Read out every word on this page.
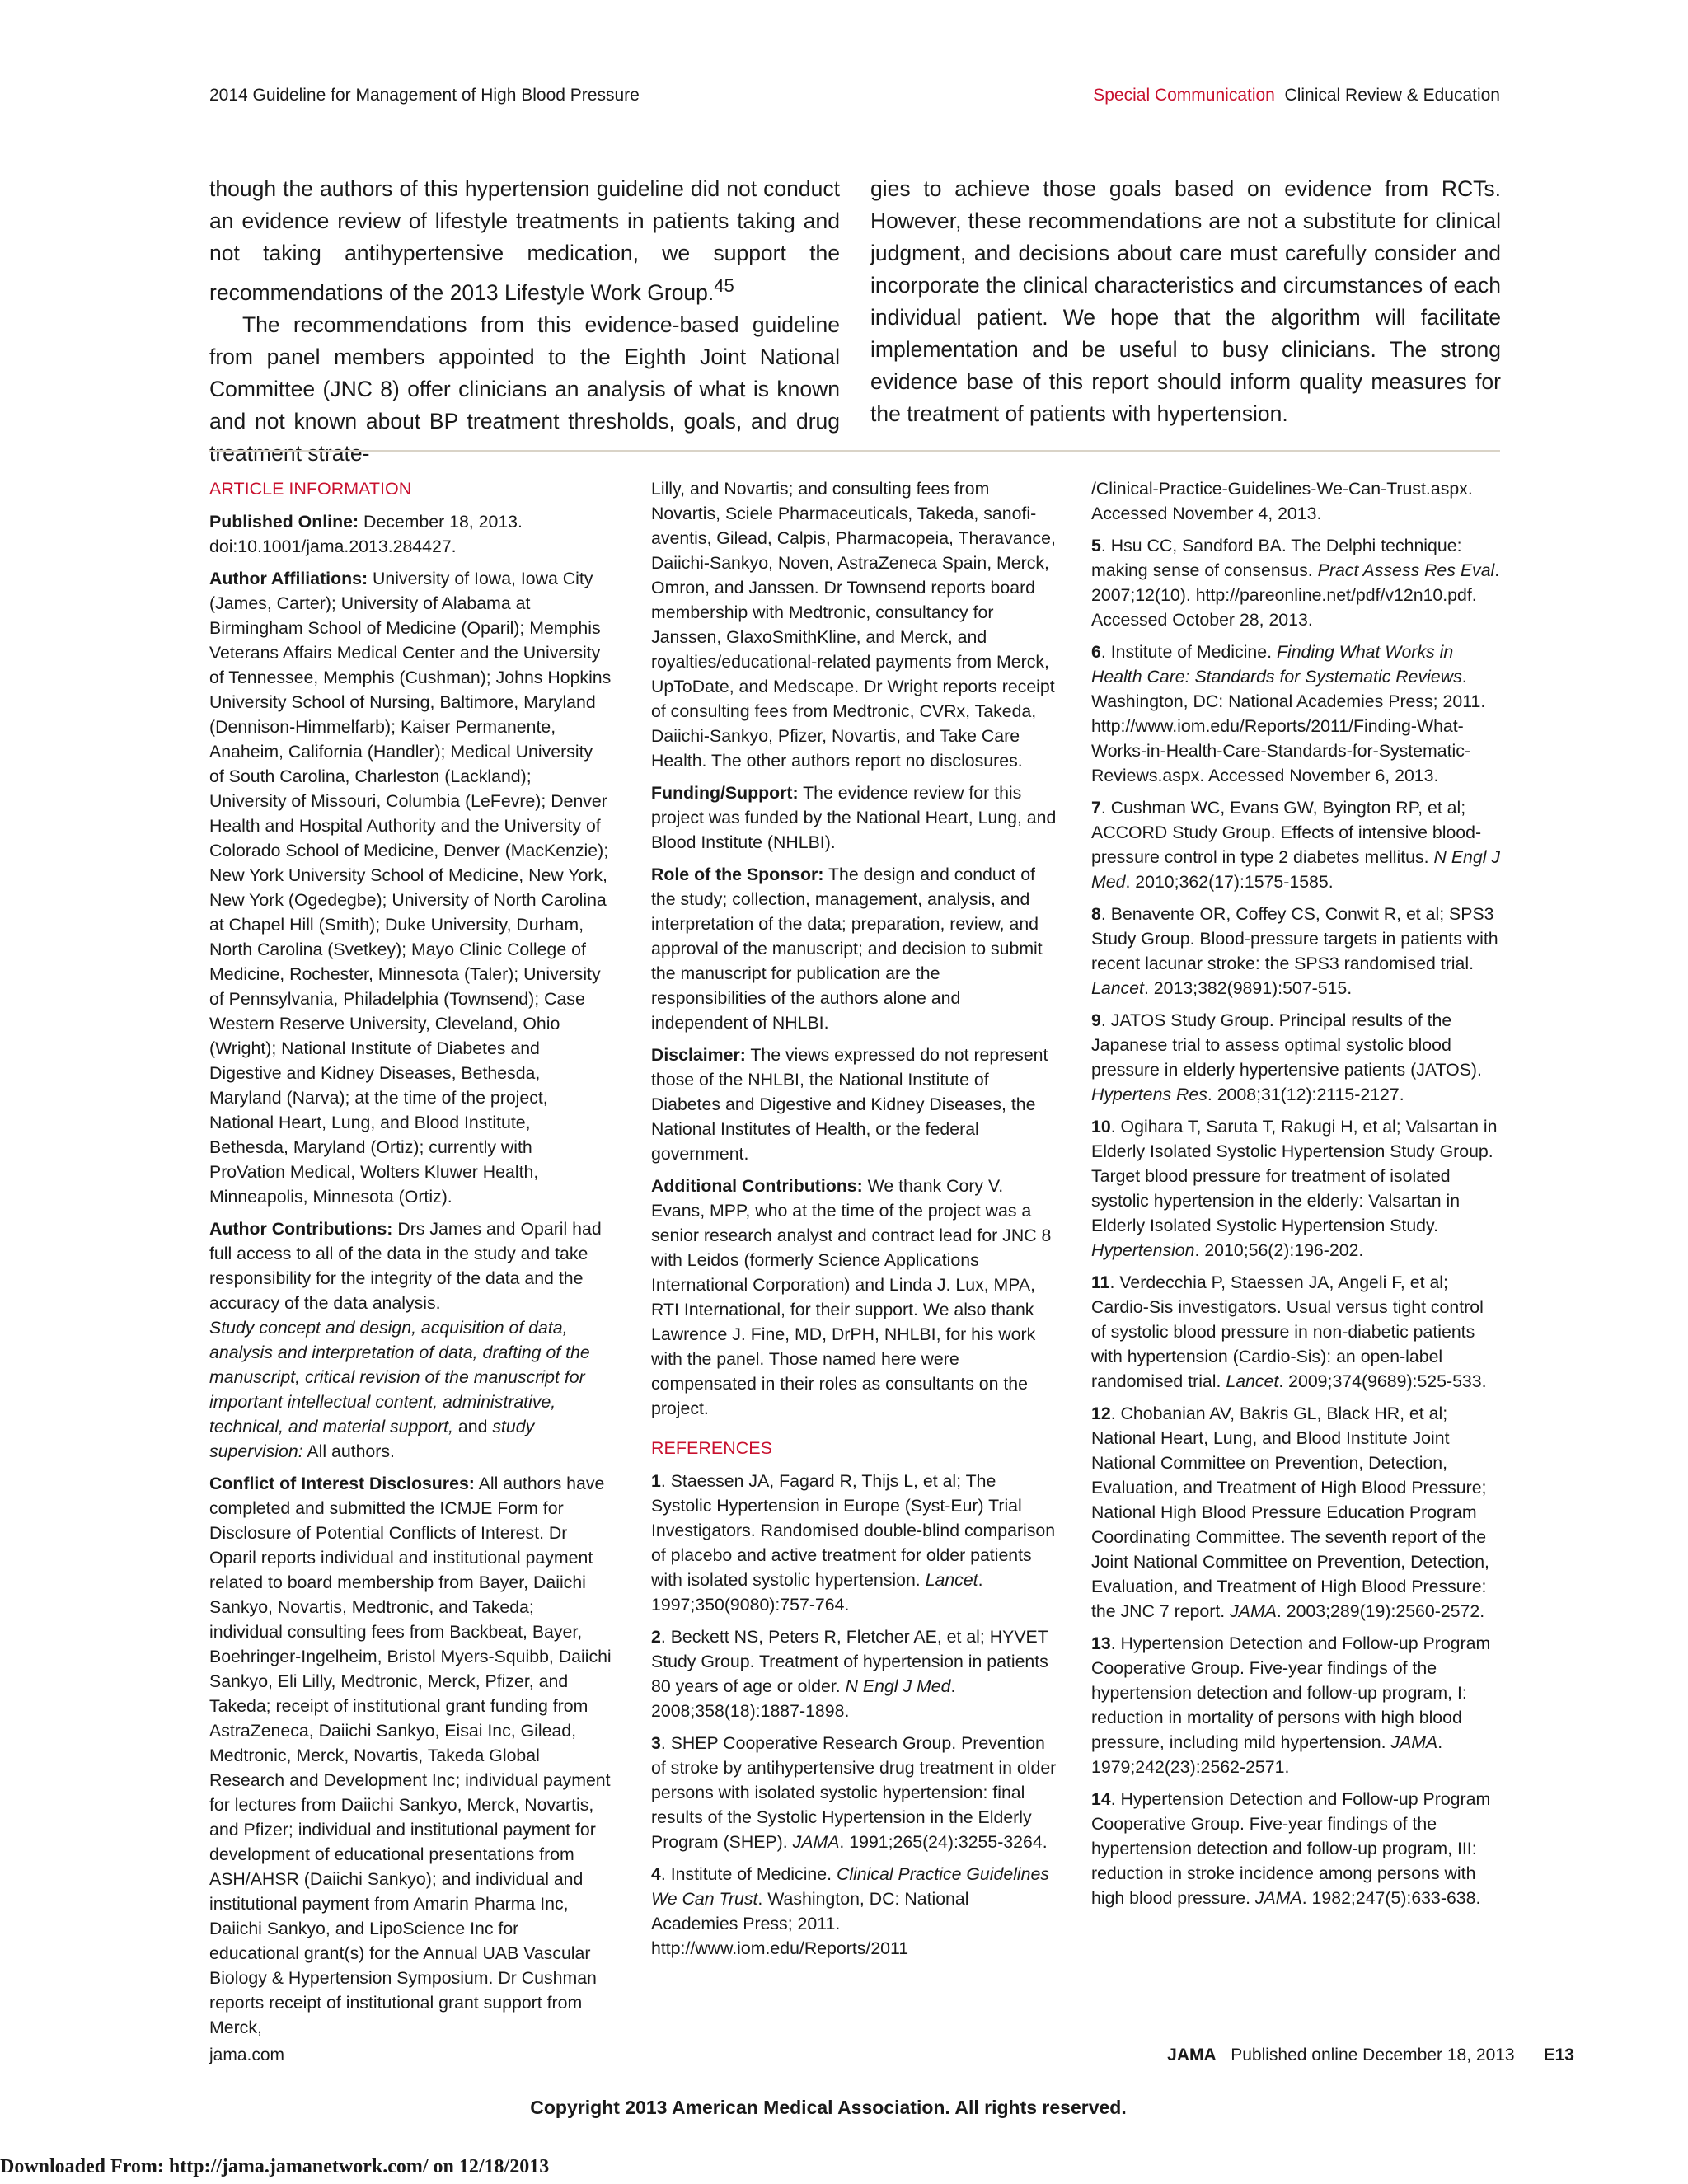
2014 Guideline for Management of High Blood Pressure	Special Communication Clinical Review & Education

though the authors of this hypertension guideline did not conduct an evidence review of lifestyle treatments in patients taking and not taking antihypertensive medication, we support the recommendations of the 2013 Lifestyle Work Group.$^{45}$

The recommendations from this evidence-based guideline from panel members appointed to the Eighth Joint National Committee (JNC 8) offer clinicians an analysis of what is known and not known about BP treatment thresholds, goals, and drug treatment strate-

gies to achieve those goals based on evidence from RCTs. However, these recommendations are not a substitute for clinical judgment, and decisions about care must carefully consider and incorporate the clinical characteristics and circumstances of each individual patient. We hope that the algorithm will facilitate implementation and be useful to busy clinicians. The strong evidence base of this report should inform quality measures for the treatment of patients with hypertension.

ARTICLE INFORMATION

Published Online: December 18, 2013.
doi:10.1001/jama.2013.284427.

Author Affiliations: University of Iowa, Iowa City (James, Carter); University of Alabama at Birmingham School of Medicine (Oparil); Memphis Veterans Affairs Medical Center and the University of Tennessee, Memphis (Cushman); Johns Hopkins University School of Nursing, Baltimore, Maryland (Dennison-Himmelfarb); Kaiser Permanente, Anaheim, California (Handler); Medical University of South Carolina, Charleston (Lackland); University of Missouri, Columbia (LeFevre); Denver Health and Hospital Authority and the University of Colorado School of Medicine, Denver (MacKenzie); New York University School of Medicine, New York, New York (Ogedegbe); University of North Carolina at Chapel Hill (Smith); Duke University, Durham, North Carolina (Svetkey); Mayo Clinic College of Medicine, Rochester, Minnesota (Taler); University of Pennsylvania, Philadelphia (Townsend); Case Western Reserve University, Cleveland, Ohio (Wright); National Institute of Diabetes and Digestive and Kidney Diseases, Bethesda, Maryland (Narva); at the time of the project, National Heart, Lung, and Blood Institute, Bethesda, Maryland (Ortiz); currently with ProVation Medical, Wolters Kluwer Health, Minneapolis, Minnesota (Ortiz).

Author Contributions: Drs James and Oparil had full access to all of the data in the study and take responsibility for the integrity of the data and the accuracy of the data analysis.
Study concept and design, acquisition of data, analysis and interpretation of data, drafting of the manuscript, critical revision of the manuscript for important intellectual content, administrative, technical, and material support, and study supervision: All authors.

Conflict of Interest Disclosures: All authors have completed and submitted the ICMJE Form for Disclosure of Potential Conflicts of Interest. Dr Oparil reports individual and institutional payment related to board membership from Bayer, Daiichi Sankyo, Novartis, Medtronic, and Takeda; individual consulting fees from Backbeat, Bayer, Boehringer-Ingelheim, Bristol Myers-Squibb, Daiichi Sankyo, Eli Lilly, Medtronic, Merck, Pfizer, and Takeda; receipt of institutional grant funding from AstraZeneca, Daiichi Sankyo, Eisai Inc, Gilead, Medtronic, Merck, Novartis, Takeda Global Research and Development Inc; individual payment for lectures from Daiichi Sankyo, Merck, Novartis, and Pfizer; individual and institutional payment for development of educational presentations from ASH/AHSR (Daiichi Sankyo); and individual and institutional payment from Amarin Pharma Inc, Daiichi Sankyo, and LipoScience Inc for educational grant(s) for the Annual UAB Vascular Biology & Hypertension Symposium. Dr Cushman reports receipt of institutional grant support from Merck,

Lilly, and Novartis; and consulting fees from Novartis, Sciele Pharmaceuticals, Takeda, sanofi-aventis, Gilead, Calpis, Pharmacopeia, Theravance, Daiichi-Sankyo, Noven, AstraZeneca Spain, Merck, Omron, and Janssen. Dr Townsend reports board membership with Medtronic, consultancy for Janssen, GlaxoSmithKline, and Merck, and royalties/educational-related payments from Merck, UpToDate, and Medscape. Dr Wright reports receipt of consulting fees from Medtronic, CVRx, Takeda, Daiichi-Sankyo, Pfizer, Novartis, and Take Care Health. The other authors report no disclosures.

Funding/Support: The evidence review for this project was funded by the National Heart, Lung, and Blood Institute (NHLBI).

Role of the Sponsor: The design and conduct of the study; collection, management, analysis, and interpretation of the data; preparation, review, and approval of the manuscript; and decision to submit the manuscript for publication are the responsibilities of the authors alone and independent of NHLBI.

Disclaimer: The views expressed do not represent those of the NHLBI, the National Institute of Diabetes and Digestive and Kidney Diseases, the National Institutes of Health, or the federal government.

Additional Contributions: We thank Cory V. Evans, MPP, who at the time of the project was a senior research analyst and contract lead for JNC 8 with Leidos (formerly Science Applications International Corporation) and Linda J. Lux, MPA, RTI International, for their support. We also thank Lawrence J. Fine, MD, DrPH, NHLBI, for his work with the panel. Those named here were compensated in their roles as consultants on the project.

REFERENCES

1. Staessen JA, Fagard R, Thijs L, et al; The Systolic Hypertension in Europe (Syst-Eur) Trial Investigators. Randomised double-blind comparison of placebo and active treatment for older patients with isolated systolic hypertension. Lancet. 1997;350(9080):757-764.

2. Beckett NS, Peters R, Fletcher AE, et al; HYVET Study Group. Treatment of hypertension in patients 80 years of age or older. N Engl J Med. 2008;358(18):1887-1898.

3. SHEP Cooperative Research Group. Prevention of stroke by antihypertensive drug treatment in older persons with isolated systolic hypertension: final results of the Systolic Hypertension in the Elderly Program (SHEP). JAMA. 1991;265(24):3255-3264.

4. Institute of Medicine. Clinical Practice Guidelines We Can Trust. Washington, DC: National Academies Press; 2011. http://www.iom.edu/Reports/2011

/Clinical-Practice-Guidelines-We-Can-Trust.aspx. Accessed November 4, 2013.

5. Hsu CC, Sandford BA. The Delphi technique: making sense of consensus. Pract Assess Res Eval. 2007;12(10). http://pareonline.net/pdf/v12n10.pdf. Accessed October 28, 2013.

6. Institute of Medicine. Finding What Works in Health Care: Standards for Systematic Reviews. Washington, DC: National Academies Press; 2011. http://www.iom.edu/Reports/2011/Finding-What-Works-in-Health-Care-Standards-for-Systematic-Reviews.aspx. Accessed November 6, 2013.

7. Cushman WC, Evans GW, Byington RP, et al; ACCORD Study Group. Effects of intensive blood-pressure control in type 2 diabetes mellitus. N Engl J Med. 2010;362(17):1575-1585.

8. Benavente OR, Coffey CS, Conwit R, et al; SPS3 Study Group. Blood-pressure targets in patients with recent lacunar stroke: the SPS3 randomised trial. Lancet. 2013;382(9891):507-515.

9. JATOS Study Group. Principal results of the Japanese trial to assess optimal systolic blood pressure in elderly hypertensive patients (JATOS). Hypertens Res. 2008;31(12):2115-2127.

10. Ogihara T, Saruta T, Rakugi H, et al; Valsartan in Elderly Isolated Systolic Hypertension Study Group. Target blood pressure for treatment of isolated systolic hypertension in the elderly: Valsartan in Elderly Isolated Systolic Hypertension Study. Hypertension. 2010;56(2):196-202.

11. Verdecchia P, Staessen JA, Angeli F, et al; Cardio-Sis investigators. Usual versus tight control of systolic blood pressure in non-diabetic patients with hypertension (Cardio-Sis): an open-label randomised trial. Lancet. 2009;374(9689):525-533.

12. Chobanian AV, Bakris GL, Black HR, et al; National Heart, Lung, and Blood Institute Joint National Committee on Prevention, Detection, Evaluation, and Treatment of High Blood Pressure; National High Blood Pressure Education Program Coordinating Committee. The seventh report of the Joint National Committee on Prevention, Detection, Evaluation, and Treatment of High Blood Pressure: the JNC 7 report. JAMA. 2003;289(19):2560-2572.

13. Hypertension Detection and Follow-up Program Cooperative Group. Five-year findings of the hypertension detection and follow-up program, I: reduction in mortality of persons with high blood pressure, including mild hypertension. JAMA. 1979;242(23):2562-2571.

14. Hypertension Detection and Follow-up Program Cooperative Group. Five-year findings of the hypertension detection and follow-up program, III: reduction in stroke incidence among persons with high blood pressure. JAMA. 1982;247(5):633-638.

jama.com	JAMA Published online December 18, 2013 E13
Copyright 2013 American Medical Association. All rights reserved.
Downloaded From: http://jama.jamanetwork.com/ on 12/18/2013
